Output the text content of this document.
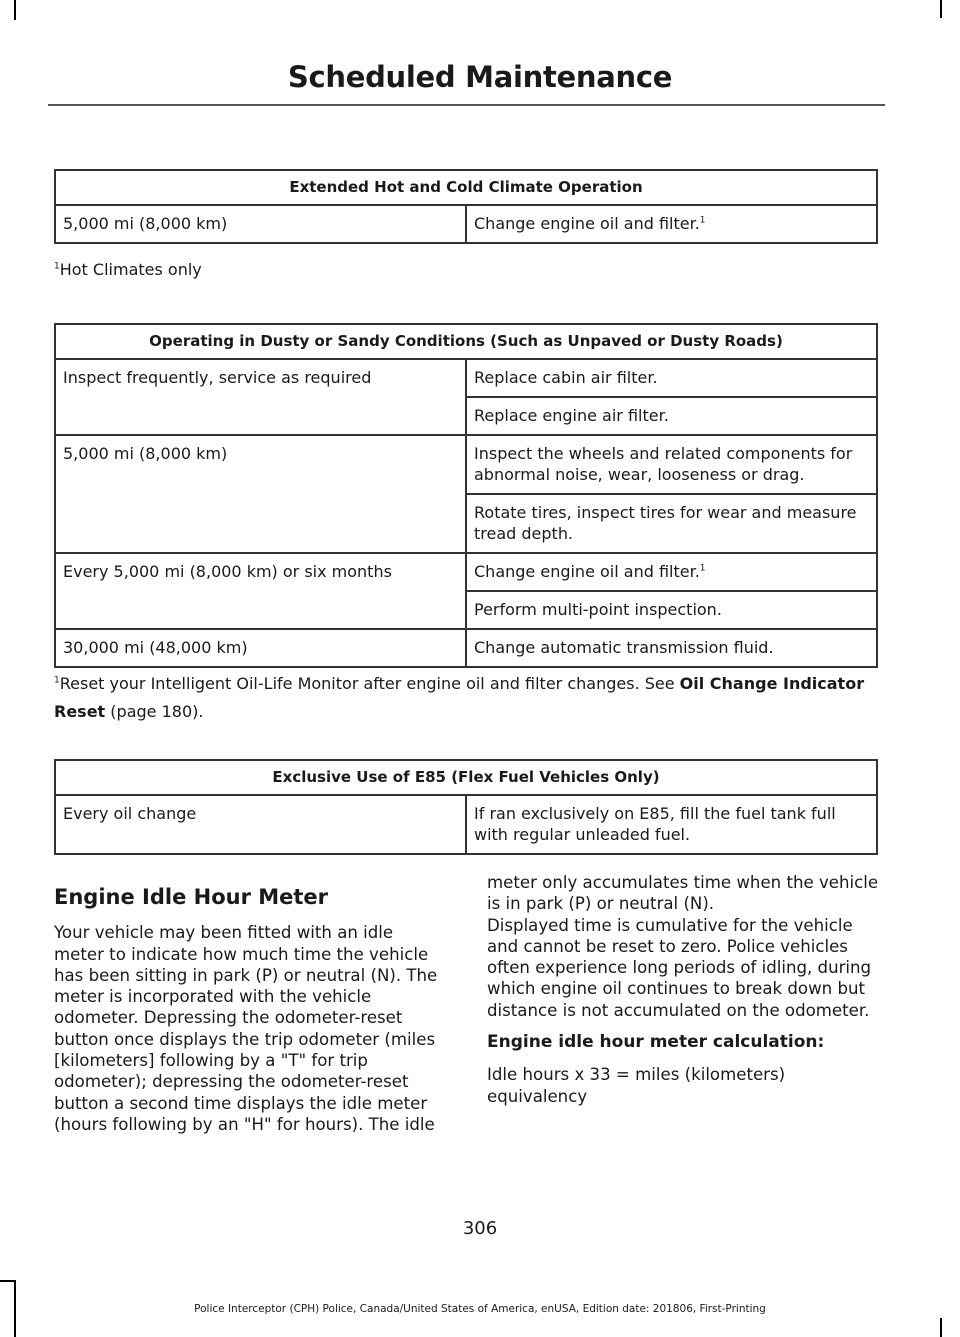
Scheduled Maintenance
Extended Hot and Cold Climate Operation
5,000 mi (8,000 km)	Change engine oil and filter.$^1$
$^1$Hot Climates only
Operating in Dusty or Sandy Conditions (Such as Unpaved or Dusty Roads)	
Inspect frequently, service as required	Replace cabin air filter.
	Replace engine air filter.
5,000 mi (8,000 km)	Inspect the wheels and related components for abnormal noise, wear, looseness or drag.
	Rotate tires, inspect tires for wear and measure tread depth.
Every 5,000 mi (8,000 km) or six months	Change engine oil and filter.$^1$
	Perform multi-point inspection.
30,000 mi (48,000 km)	Change automatic transmission fluid.
$^1$Reset your Intelligent Oil-Life Monitor after engine oil and filter changes. See Oil Change Indicator Reset (page 180).
Exclusive Use of E85 (Flex Fuel Vehicles Only)
Every oil change	If ran exclusively on E85, fill the fuel tank full with regular unleaded fuel.
Engine Idle Hour Meter

Your vehicle may been fitted with an idle meter to indicate how much time the vehicle has been sitting in park (P) or neutral (N). The meter is incorporated with the vehicle odometer. Depressing the odometer-reset button once displays the trip odometer (miles [kilometers] following by a "T" for trip odometer); depressing the odometer-reset button a second time displays the idle meter (hours following by an "H" for hours). The idle

meter only accumulates time when the vehicle is in park (P) or neutral (N).

Displayed time is cumulative for the vehicle and cannot be reset to zero. Police vehicles often experience long periods of idling, during which engine oil continues to break down but distance is not accumulated on the odometer.

Engine idle hour meter calculation:

Idle hours x 33 = miles (kilometers) equivalency

306
Police Interceptor (CPH) Police, Canada/United States of America, enUSA, Edition date: 201806, First-Printing
